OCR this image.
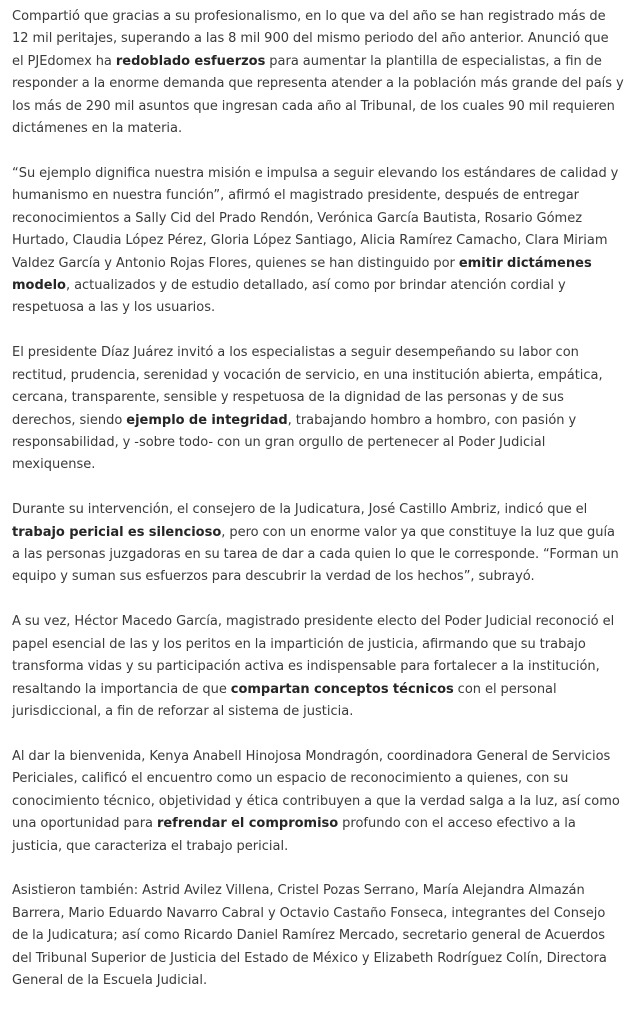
Compartió que gracias a su profesionalismo, en lo que va del año se han registrado más de 12 mil peritajes, superando a las 8 mil 900 del mismo periodo del año anterior. Anunció que el PJEdomex ha redoblado esfuerzos para aumentar la plantilla de especialistas, a fin de responder a la enorme demanda que representa atender a la población más grande del país y los más de 290 mil asuntos que ingresan cada año al Tribunal, de los cuales 90 mil requieren dictámenes en la materia.

“Su ejemplo dignifica nuestra misión e impulsa a seguir elevando los estándares de calidad y humanismo en nuestra función”, afirmó el magistrado presidente, después de entregar reconocimientos a Sally Cid del Prado Rendón, Verónica García Bautista, Rosario Gómez Hurtado, Claudia López Pérez, Gloria López Santiago, Alicia Ramírez Camacho, Clara Miriam Valdez García y Antonio Rojas Flores, quienes se han distinguido por emitir dictámenes modelo, actualizados y de estudio detallado, así como por brindar atención cordial y respetuosa a las y los usuarios.

El presidente Díaz Juárez invitó a los especialistas a seguir desempeñando su labor con rectitud, prudencia, serenidad y vocación de servicio, en una institución abierta, empática, cercana, transparente, sensible y respetuosa de la dignidad de las personas y de sus derechos, siendo ejemplo de integridad, trabajando hombro a hombro, con pasión y responsabilidad, y -sobre todo- con un gran orgullo de pertenecer al Poder Judicial mexiquense.

Durante su intervención, el consejero de la Judicatura, José Castillo Ambriz, indicó que el trabajo pericial es silencioso, pero con un enorme valor ya que constituye la luz que guía a las personas juzgadoras en su tarea de dar a cada quien lo que le corresponde. “Forman un equipo y suman sus esfuerzos para descubrir la verdad de los hechos”, subrayó.

A su vez, Héctor Macedo García, magistrado presidente electo del Poder Judicial reconoció el papel esencial de las y los peritos en la impartición de justicia, afirmando que su trabajo transforma vidas y su participación activa es indispensable para fortalecer a la institución, resaltando la importancia de que compartan conceptos técnicos con el personal jurisdiccional, a fin de reforzar al sistema de justicia.

Al dar la bienvenida, Kenya Anabell Hinojosa Mondragón, coordinadora General de Servicios Periciales, calificó el encuentro como un espacio de reconocimiento a quienes, con su conocimiento técnico, objetividad y ética contribuyen a que la verdad salga a la luz, así como una oportunidad para refrendar el compromiso profundo con el acceso efectivo a la justicia, que caracteriza el trabajo pericial.

Asistieron también: Astrid Avilez Villena, Cristel Pozas Serrano, María Alejandra Almazán Barrera, Mario Eduardo Navarro Cabral y Octavio Castaño Fonseca, integrantes del Consejo de la Judicatura; así como Ricardo Daniel Ramírez Mercado, secretario general de Acuerdos del Tribunal Superior de Justicia del Estado de México y Elizabeth Rodríguez Colín, Directora General de la Escuela Judicial.
